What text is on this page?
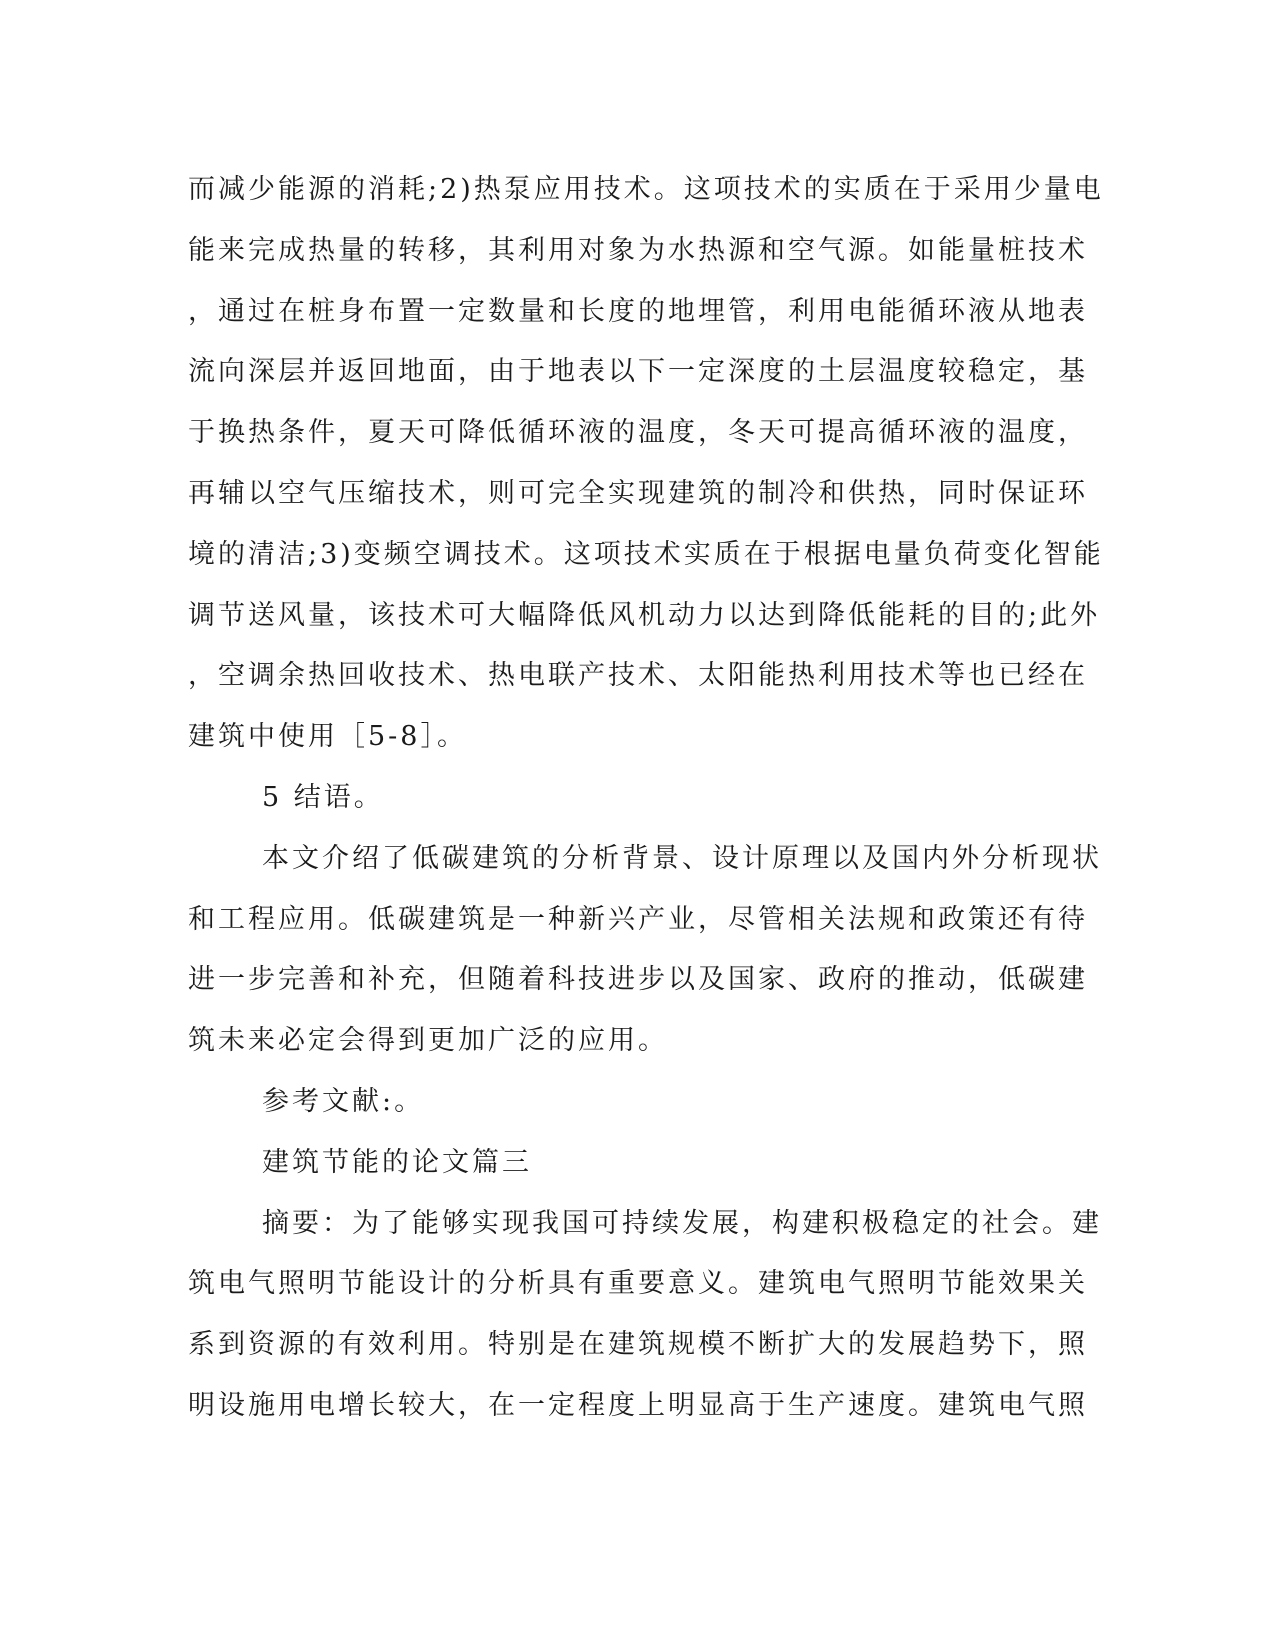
而减少能源的消耗;2)热泵应用技术。这项技术的实质在于采用少量电
能来完成热量的转移，其利用对象为水热源和空气源。如能量桩技术
，通过在桩身布置一定数量和长度的地埋管，利用电能循环液从地表
流向深层并返回地面，由于地表以下一定深度的土层温度较稳定，基
于换热条件，夏天可降低循环液的温度，冬天可提高循环液的温度，
再辅以空气压缩技术，则可完全实现建筑的制冷和供热，同时保证环
境的清洁;3)变频空调技术。这项技术实质在于根据电量负荷变化智能
调节送风量，该技术可大幅降低风机动力以达到降低能耗的目的;此外
，空调余热回收技术、热电联产技术、太阳能热利用技术等也已经在
建筑中使用［5-8］。
5 结语。
本文介绍了低碳建筑的分析背景、设计原理以及国内外分析现状
和工程应用。低碳建筑是一种新兴产业，尽管相关法规和政策还有待
进一步完善和补充，但随着科技进步以及国家、政府的推动，低碳建
筑未来必定会得到更加广泛的应用。
参考文献:。
建筑节能的论文篇三
摘要：为了能够实现我国可持续发展，构建积极稳定的社会。建
筑电气照明节能设计的分析具有重要意义。建筑电气照明节能效果关
系到资源的有效利用。特别是在建筑规模不断扩大的发展趋势下，照
明设施用电增长较大，在一定程度上明显高于生产速度。建筑电气照
